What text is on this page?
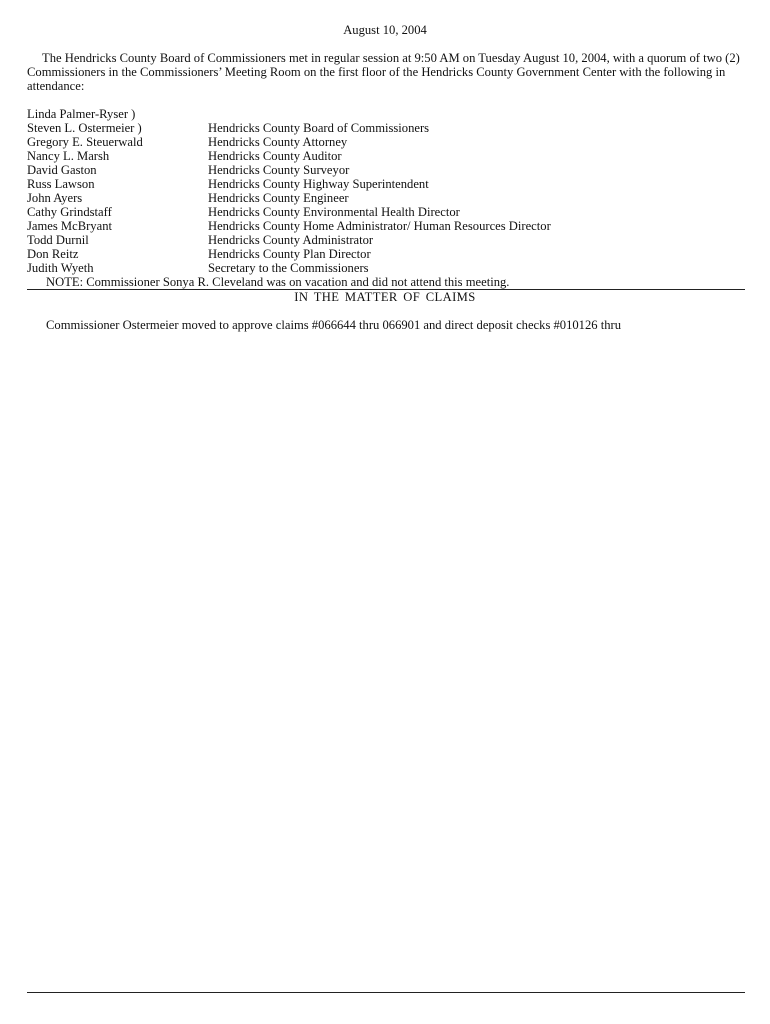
August 10, 2004

The Hendricks County Board of Commissioners met in regular session at 9:50 AM on Tuesday August 10, 2004, with a quorum of two (2) Commissioners in the Commissioners’ Meeting Room on the first floor of the Hendricks County Government Center with the following in attendance:

Linda Palmer-Ryser )
Steven L. Ostermeier )	Hendricks County Board of Commissioners
Gregory E. Steuerwald	Hendricks County Attorney
Nancy L. Marsh	Hendricks County Auditor
David Gaston	Hendricks County Surveyor
Russ Lawson	Hendricks County Highway Superintendent
John Ayers	Hendricks County Engineer
Cathy Grindstaff	Hendricks County Environmental Health Director
James McBryant	Hendricks County Home Administrator/ Human Resources Director
Todd Durnil	Hendricks County Administrator
Don Reitz	Hendricks County Plan Director
Judith Wyeth	Secretary to the Commissioners
NOTE: Commissioner Sonya R. Cleveland was on vacation and did not attend this meeting.
IN THE MATTER OF CLAIMS
Commissioner Ostermeier moved to approve claims #066644 thru 066901 and direct deposit checks #010126 thru
